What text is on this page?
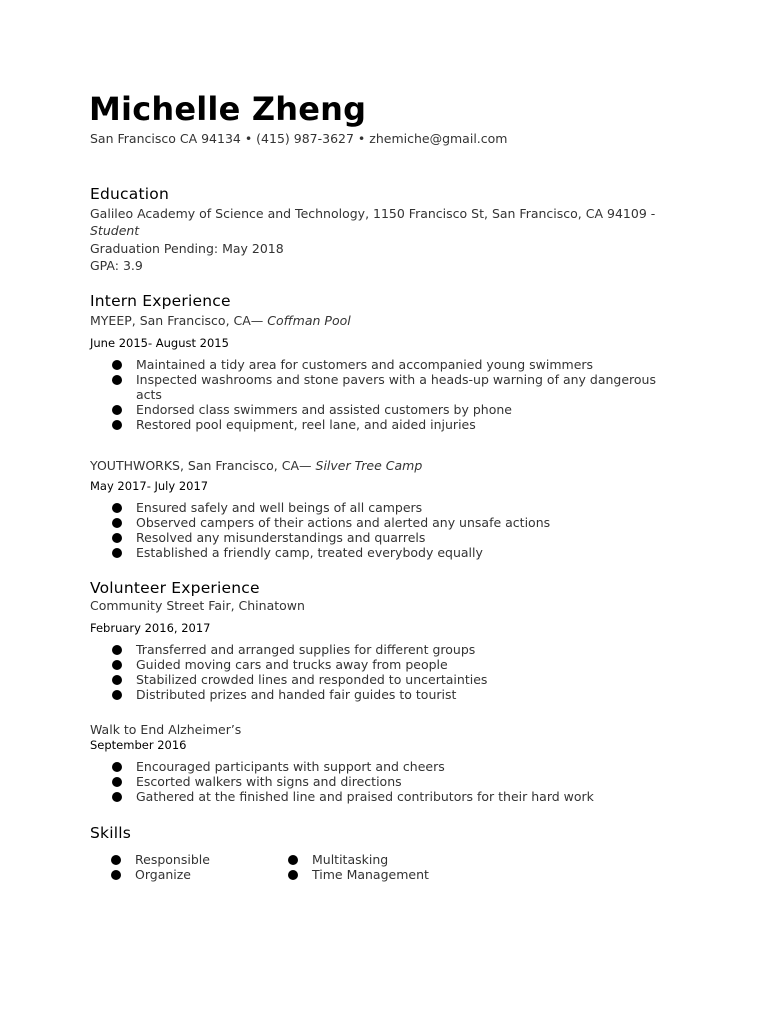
Michelle Zheng
San Francisco CA 94134 • (415) 987-3627 • zhemiche@gmail.com
Education
Galileo Academy of Science and Technology, 1150 Francisco St, San Francisco, CA 94109 -
Student
Graduation Pending: May 2018
GPA: 3.9
Intern Experience
MYEEP, San Francisco, CA— Coffman Pool
June 2015- August 2015
Maintained a tidy area for customers and accompanied young swimmers
Inspected washrooms and stone pavers with a heads-up warning of any dangerous acts
Endorsed class swimmers and assisted customers by phone
Restored pool equipment, reel lane, and aided injuries
YOUTHWORKS, San Francisco, CA— Silver Tree Camp
May 2017- July 2017
Ensured safely and well beings of all campers
Observed campers of their actions and alerted any unsafe actions
Resolved any misunderstandings and quarrels
Established a friendly camp, treated everybody equally
Volunteer Experience
Community Street Fair, Chinatown
February 2016, 2017
Transferred and arranged supplies for different groups
Guided moving cars and trucks away from people
Stabilized crowded lines and responded to uncertainties
Distributed prizes and handed fair guides to tourist
Walk to End Alzheimer’s
September 2016
Encouraged participants with support and cheers
Escorted walkers with signs and directions
Gathered at the finished line and praised contributors for their hard work
Skills
Responsible
Organize
Multitasking
Time Management
